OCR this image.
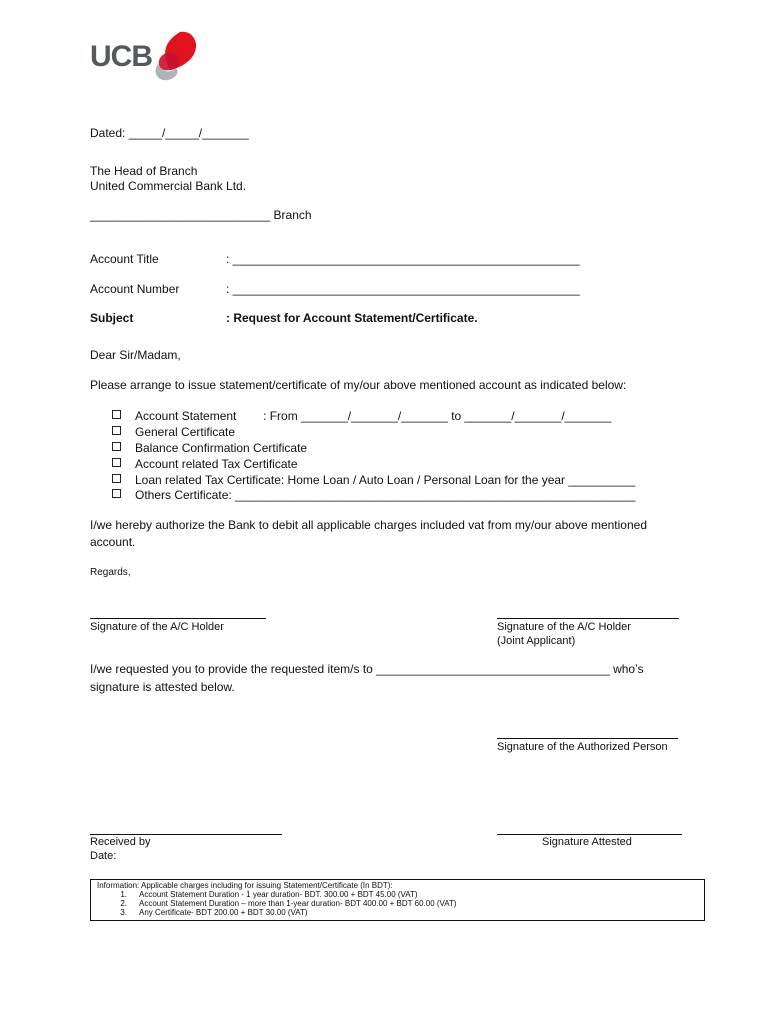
UCB
Dated: _____/_____/_______
The Head of Branch
United Commercial Bank Ltd.
___________________________ Branch
Account Title	: ____________________________________________________
Account Number	: ____________________________________________________
Subject	: Request for Account Statement/Certificate.
Dear Sir/Madam,
Please arrange to issue statement/certificate of my/our above mentioned account as indicated below:
Account Statement        : From _______/_______/_______ to _______/_______/_______
General Certificate
Balance Confirmation Certificate
Account related Tax Certificate
Loan related Tax Certificate: Home Loan / Auto Loan / Personal Loan for the year __________
Others Certificate: ____________________________________________________________
I/we hereby authorize the Bank to debit all applicable charges included vat from my/our above mentioned
account.
Regards,
Signature of the A/C Holder	Signature of the A/C Holder
(Joint Applicant)
I/we requested you to provide the requested item/s to ___________________________________ who’s
signature is attested below.
Signature of the Authorized Person
Received by
Date:
Signature Attested
Information: Applicable charges including for issuing Statement/Certificate (In BDT):
1. Account Statement Duration - 1 year duration- BDT. 300.00 + BDT 45.00 (VAT)
2. Account Statement Duration – more than 1-year duration- BDT 400.00 + BDT 60.00 (VAT)
3. Any Certificate- BDT 200.00 + BDT 30.00 (VAT)
